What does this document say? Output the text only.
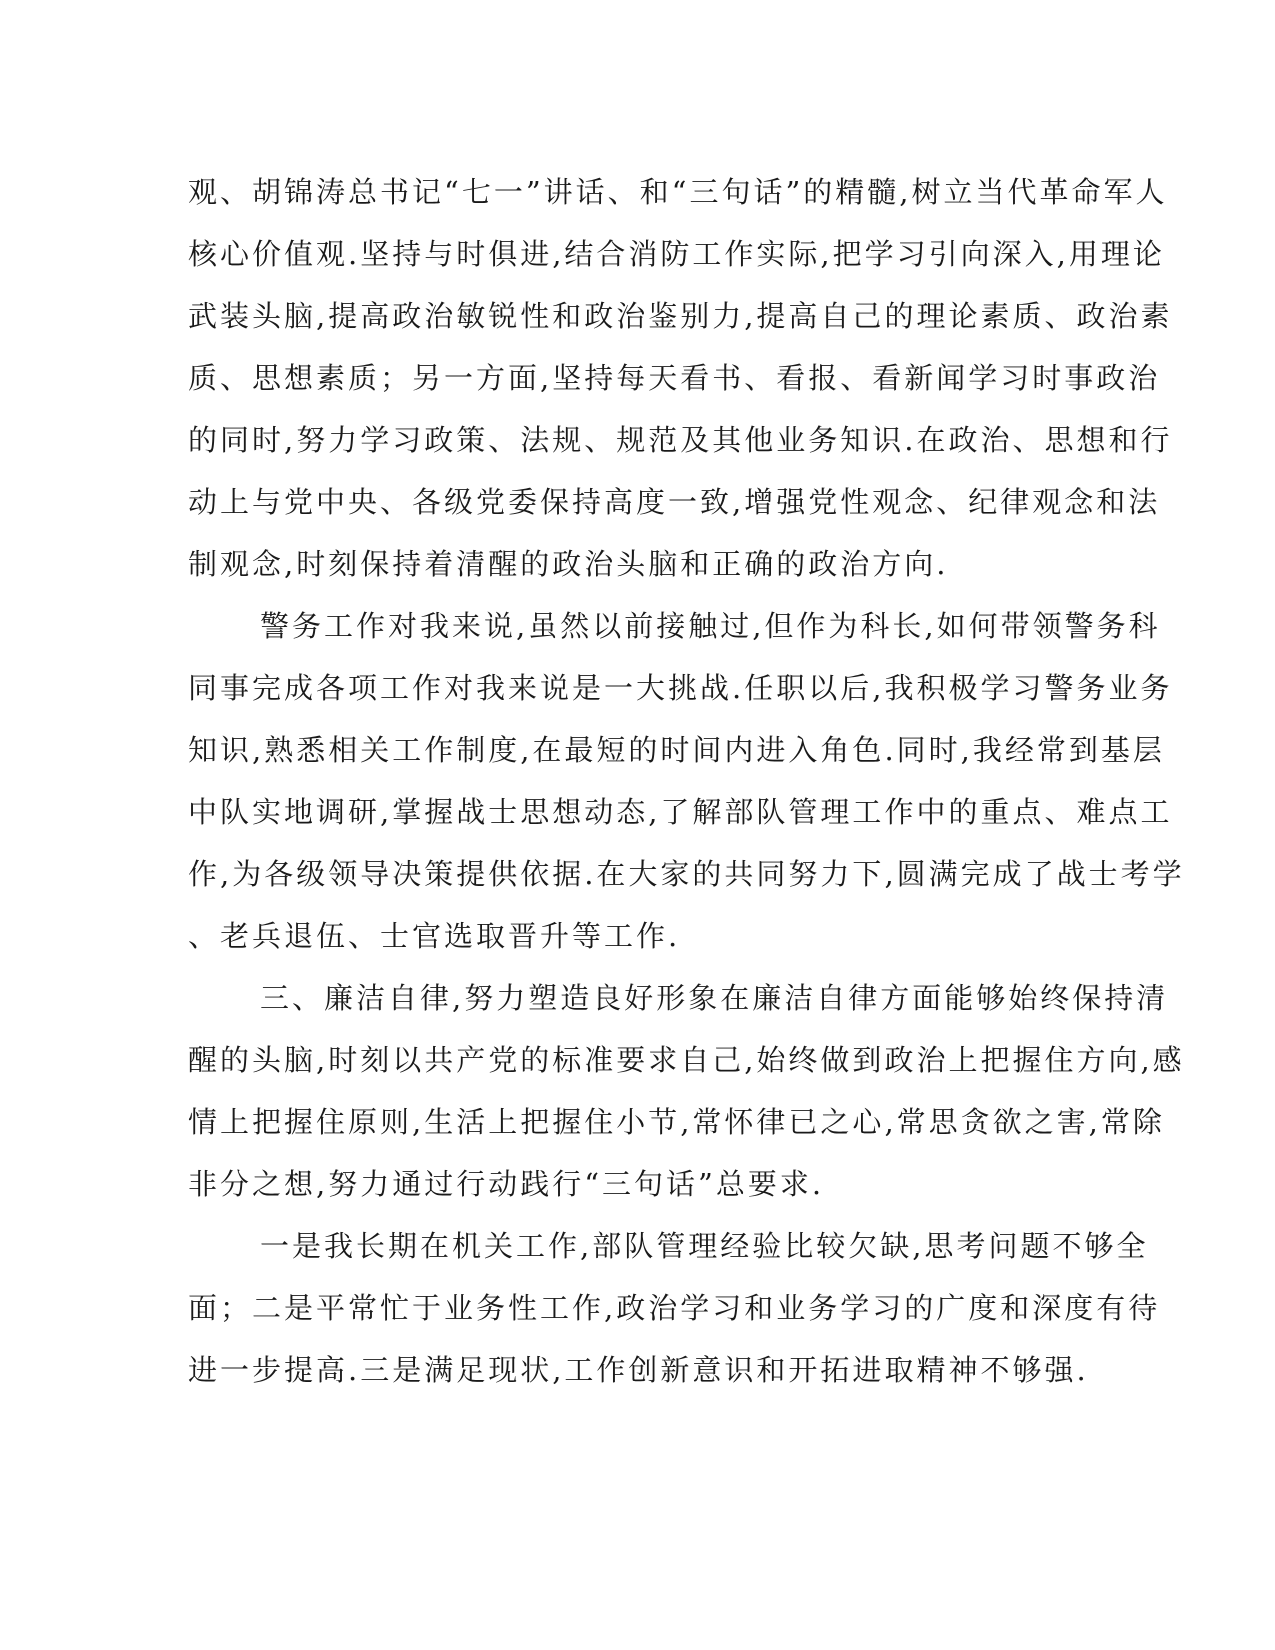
观、胡锦涛总书记“七一”讲话、和“三句话”的精髓,树立当代革命军人
核心价值观.坚持与时俱进,结合消防工作实际,把学习引向深入,用理论
武装头脑,提高政治敏锐性和政治鉴别力,提高自己的理论素质、政治素
质、思想素质；另一方面,坚持每天看书、看报、看新闻学习时事政治
的同时,努力学习政策、法规、规范及其他业务知识.在政治、思想和行
动上与党中央、各级党委保持高度一致,增强党性观念、纪律观念和法
制观念,时刻保持着清醒的政治头脑和正确的政治方向.
警务工作对我来说,虽然以前接触过,但作为科长,如何带领警务科
同事完成各项工作对我来说是一大挑战.任职以后,我积极学习警务业务
知识,熟悉相关工作制度,在最短的时间内进入角色.同时,我经常到基层
中队实地调研,掌握战士思想动态,了解部队管理工作中的重点、难点工
作,为各级领导决策提供依据.在大家的共同努力下,圆满完成了战士考学
、老兵退伍、士官选取晋升等工作.
三、廉洁自律,努力塑造良好形象在廉洁自律方面能够始终保持清
醒的头脑,时刻以共产党的标准要求自己,始终做到政治上把握住方向,感
情上把握住原则,生活上把握住小节,常怀律已之心,常思贪欲之害,常除
非分之想,努力通过行动践行“三句话”总要求.
一是我长期在机关工作,部队管理经验比较欠缺,思考问题不够全
面；二是平常忙于业务性工作,政治学习和业务学习的广度和深度有待
进一步提高.三是满足现状,工作创新意识和开拓进取精神不够强.
